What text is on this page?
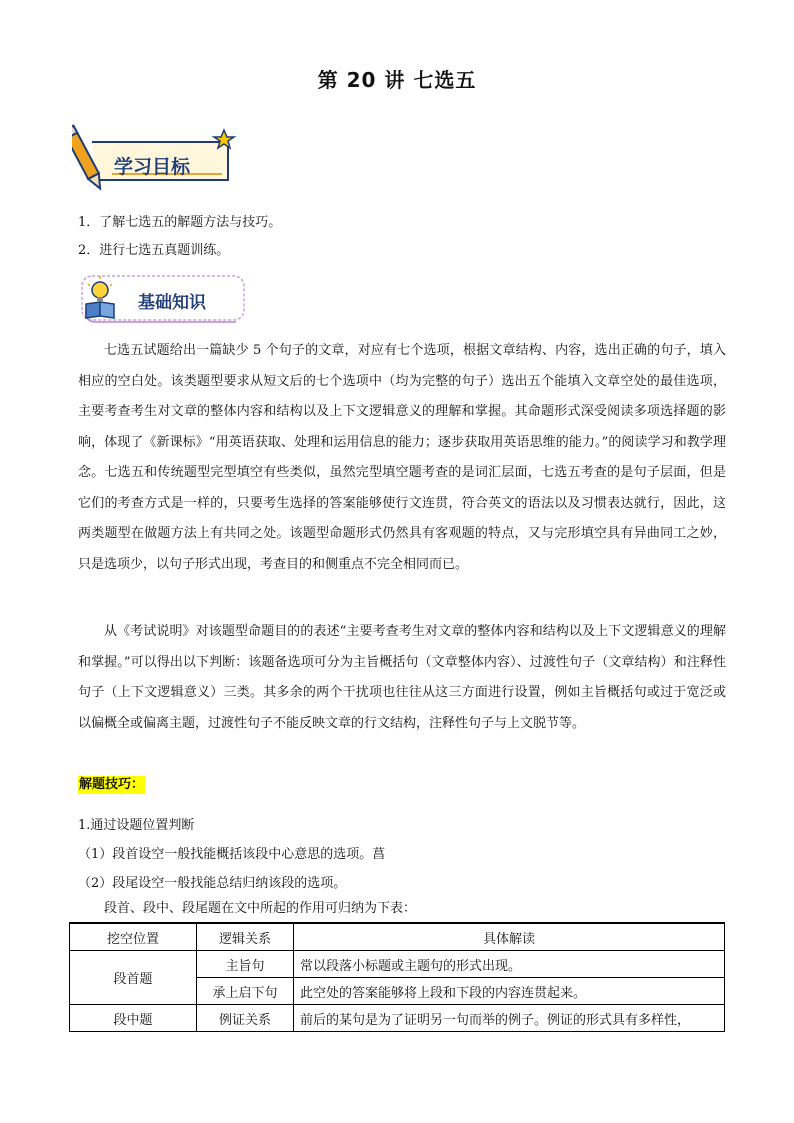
第 20 讲 七选五
学习目标
1．了解七选五的解题方法与技巧。
2．进行七选五真题训练。
基础知识

七选五试题给出一篇缺少 5 个句子的文章，对应有七个选项，根据文章结构、内容，选出正确的句子，填入相应的空白处。该类题型要求从短文后的七个选项中（均为完整的句子）选出五个能填入文章空处的最佳选项，主要考查考生对文章的整体内容和结构以及上下文逻辑意义的理解和掌握。其命题形式深受阅读多项选择题的影响，体现了《新课标》“用英语获取、处理和运用信息的能力；逐步获取用英语思维的能力。”的阅读学习和教学理念。七选五和传统题型完型填空有些类似，虽然完型填空题考查的是词汇层面，七选五考查的是句子层面，但是它们的考查方式是一样的，只要考生选择的答案能够使行文连贯，符合英文的语法以及习惯表达就行，因此，这两类题型在做题方法上有共同之处。该题型命题形式仍然具有客观题的特点，又与完形填空具有异曲同工之妙，只是选项少，以句子形式出现，考查目的和侧重点不完全相同而已。

从《考试说明》对该题型命题目的的表述“主要考查考生对文章的整体内容和结构以及上下文逻辑意义的理解和掌握。”可以得出以下判断：该题备选项可分为主旨概括句（文章整体内容）、过渡性句子（文章结构）和注释性句子（上下文逻辑意义）三类。其多余的两个干扰项也往往从这三方面进行设置，例如主旨概括句或过于宽泛或以偏概全或偏离主题，过渡性句子不能反映文章的行文结构，注释性句子与上文脱节等。

解题技巧：
1.通过设题位置判断
（1）段首设空一般找能概括该段中心意思的选项。菖
（2）段尾设空一般找能总结归纳该段的选项。
段首、段中、段尾题在文中所起的作用可归纳为下表：
挖空位置	逻辑关系	具体解读
段首题	主旨句	常以段落小标题或主题句的形式出现。
	承上启下句	此空处的答案能够将上段和下段的内容连贯起来。
段中题	例证关系	前后的某句是为了证明另一句而举的例子。例证的形式具有多样性，
